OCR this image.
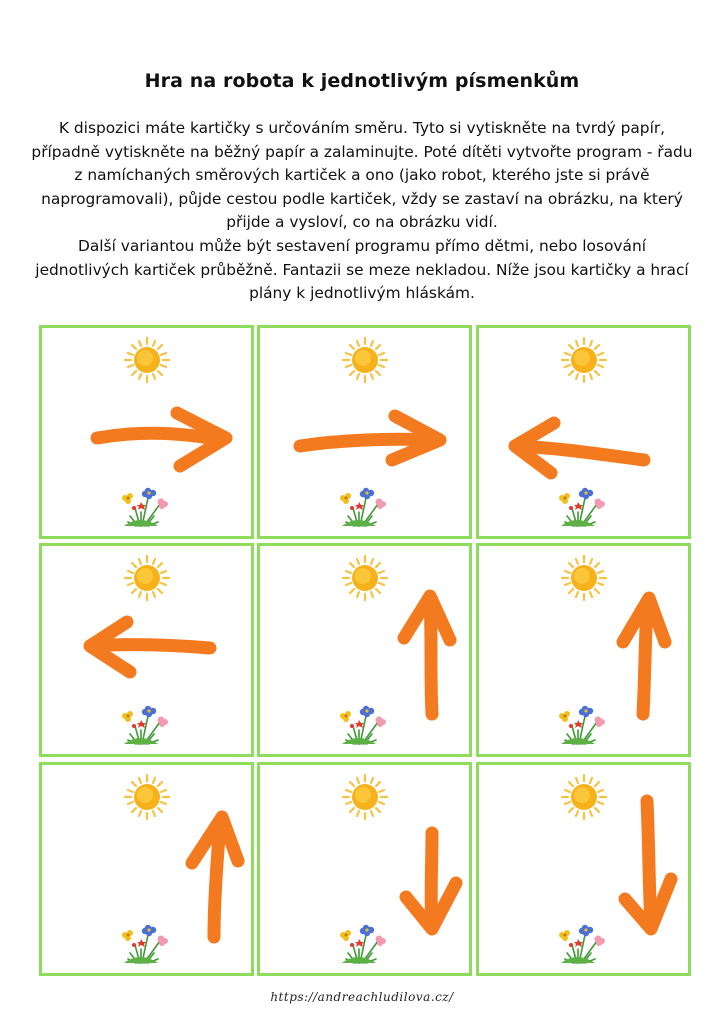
Hra na robota k jednotlivým písmenkům

K dispozici máte kartičky s určováním směru. Tyto si vytiskněte na tvrdý papír, případně vytiskněte na běžný papír a zalaminujte. Poté dítěti vytvořte program - řadu z namíchaných směrových kartiček a ono (jako robot, kterého jste si právě naprogramovali), půjde cestou podle kartiček, vždy se zastaví na obrázku, na který přijde a vysloví, co na obrázku vidí.

Další variantou může být sestavení programu přímo dětmi, nebo losování jednotlivých kartiček průběžně. Fantazii se meze nekladou. Níže jsou kartičky a hrací plány k jednotlivým hláskám.

https://andreachludilova.cz/
